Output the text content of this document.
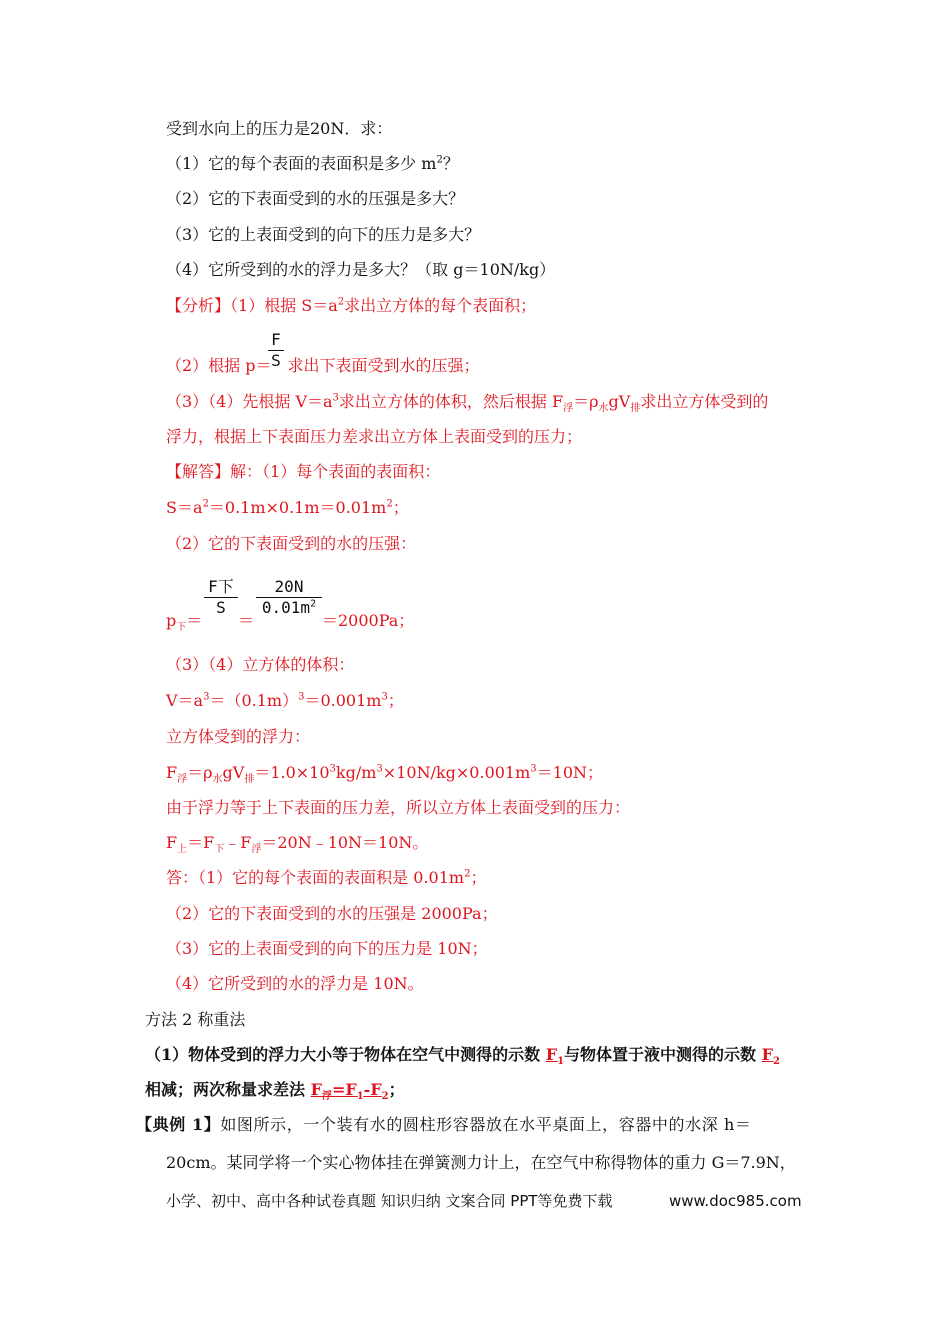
受到水向上的压力是20N．求：
（1）它的每个表面的表面积是多少 $m^2$？
（2）它的下表面受到的水的压强是多大？
（3）它的上表面受到的向下的压力是多大？
（4）它所受到的水的浮力是多大？（取 g＝10N/kg）
【分析】（1）根据 $S=a^2$求出立方体的每个表面积；
（2）根据 p＝ 求出下表面受到水的压强；
F
S
（3）（4）先根据 $V=a^3$求出立方体的体积，然后根据 $F_浮=\rho_水gV_排$求出立方体受到的
浮力，根据上下表面压力差求出立方体上表面受到的压力；
【解答】解：（1）每个表面的表面积：
$S=a^2=0.1m\times 0.1m=0.01m^2$；
（2）它的下表面受到的水的压强：
$p_下=$
F下
S
＝
20N
$0.01m^2$
＝2000Pa；
（3）（4）立方体的体积：
$V=a^3=(0.1m)^3=0.001m^3$；
立方体受到的浮力：
$F_浮=\rho_水gV_排=1.0\times 10^3kg/m^3\times 10N/kg\times 0.001m^3=10N$；
由于浮力等于上下表面的压力差，所以立方体上表面受到的压力：
$F_上=F_下﹣F_浮=20N﹣10N=10N$。
答：（1）它的每个表面的表面积是 $0.01m^2$；
（2）它的下表面受到的水的压强是 2000Pa；
（3）它的上表面受到的向下的压力是 10N；
（4）它所受到的水的浮力是 10N。
方法 2 称重法
（1）物体受到的浮力大小等于物体在空气中测得的示数 $F_1$与物体置于液中测得的示数 $F_2$
相减；两次称量求差法 $F_浮=F_1-F_2$；
【典例 1】如图所示，一个装有水的圆柱形容器放在水平桌面上，容器中的水深 h＝
20cm。某同学将一个实心物体挂在弹簧测力计上，在空气中称得物体的重力 G＝7.9N，
小学、初中、高中各种试卷真题 知识归纳 文案合同 PPT等免费下载	www.doc985.com
